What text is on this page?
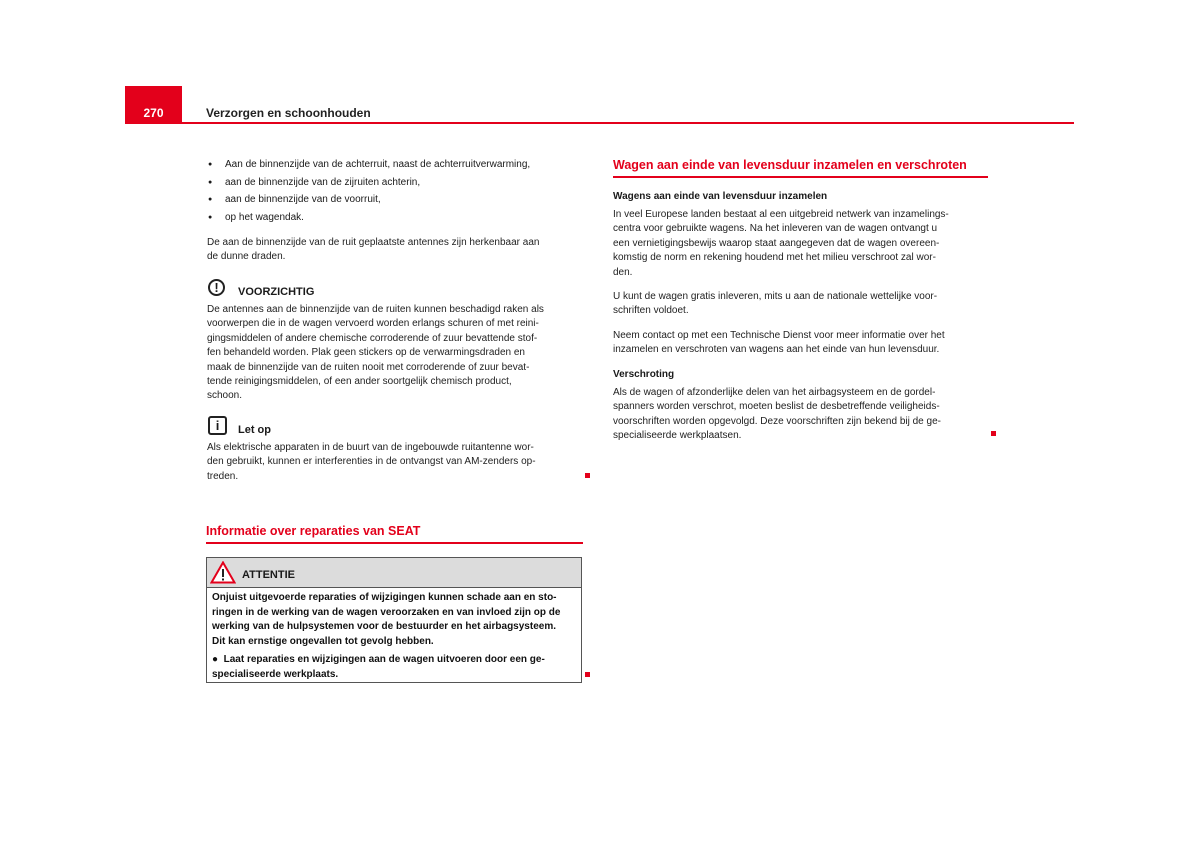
270	Verzorgen en schoonhouden
● Aan de binnenzijde van de achterruit, naast de achterruitverwarming,
● aan de binnenzijde van de zijruiten achterin,
● aan de binnenzijde van de voorruit,
● op het wagendak.
De aan de binnenzijde van de ruit geplaatste antennes zijn herkenbaar aan
de dunne draden.
!	VOORZICHTIG
De antennes aan de binnenzijde van de ruiten kunnen beschadigd raken als
voorwerpen die in de wagen vervoerd worden erlangs schuren of met reini-
gingsmiddelen of andere chemische corroderende of zuur bevattende stof-
fen behandeld worden. Plak geen stickers op de verwarmingsdraden en
maak de binnenzijde van de ruiten nooit met corroderende of zuur bevat-
tende reinigingsmiddelen, of een ander soortgelijk chemisch product,
schoon.
i	Let op
Als elektrische apparaten in de buurt van de ingebouwde ruitantenne wor-
den gebruikt, kunnen er interferenties in de ontvangst van AM-zenders op-
treden.
Informatie over reparaties van SEAT
ATTENTIE
Onjuist uitgevoerde reparaties of wijzigingen kunnen schade aan en sto-
ringen in de werking van de wagen veroorzaken en van invloed zijn op de
werking van de hulpsystemen voor de bestuurder en het airbagsysteem.
Dit kan ernstige ongevallen tot gevolg hebben.
●  Laat reparaties en wijzigingen aan de wagen uitvoeren door een ge-
specialiseerde werkplaats.
Wagen aan einde van levensduur inzamelen en verschroten
Wagens aan einde van levensduur inzamelen
In veel Europese landen bestaat al een uitgebreid netwerk van inzamelings-
centra voor gebruikte wagens. Na het inleveren van de wagen ontvangt u
een vernietigingsbewijs waarop staat aangegeven dat de wagen overeen-
komstig de norm en rekening houdend met het milieu verschroot zal wor-
den.
U kunt de wagen gratis inleveren, mits u aan de nationale wettelijke voor-
schriften voldoet.
Neem contact op met een Technische Dienst voor meer informatie over het
inzamelen en verschroten van wagens aan het einde van hun levensduur.
Verschroting
Als de wagen of afzonderlijke delen van het airbagsysteem en de gordel-
spanners worden verschrot, moeten beslist de desbetreffende veiligheids-
voorschriften worden opgevolgd. Deze voorschriften zijn bekend bij de ge-
specialiseerde werkplaatsen.
